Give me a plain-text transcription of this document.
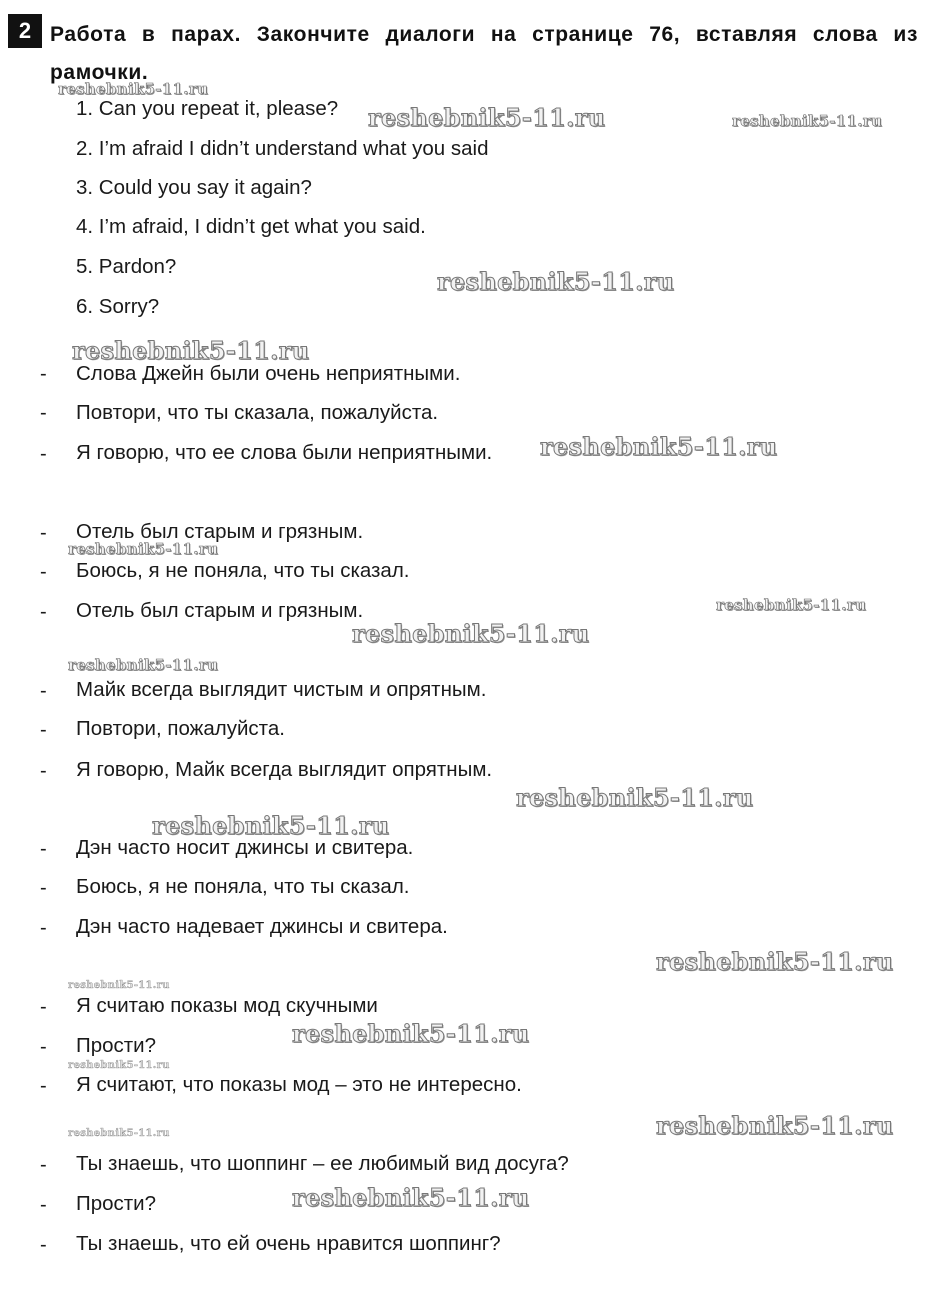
2 Работа в парах. Закончите диалоги на странице 76, вставляя слова из рамочки.
1. Can you repeat it, please?
2. I’m afraid I didn’t understand what you said
3. Could you say it again?
4. I’m afraid, I didn’t get what you said.
5. Pardon?
6. Sorry?
- Слова Джейн были очень неприятными.
- Повтори, что ты сказала, пожалуйста.
- Я говорю, что ее слова были неприятными.
- Отель был старым и грязным.
- Боюсь, я не поняла, что ты сказал.
- Отель был старым и грязным.
- Майк всегда выглядит чистым и опрятным.
- Повтори, пожалуйста.
- Я говорю, Майк всегда выглядит опрятным.
- Дэн часто носит джинсы и свитера.
- Боюсь, я не поняла, что ты сказал.
- Дэн часто надевает джинсы и свитера.
- Я считаю показы мод скучными
- Прости?
- Я считают, что показы мод – это не интересно.
- Ты знаешь, что шоппинг – ее любимый вид досуга?
- Прости?
- Ты знаешь, что ей очень нравится шоппинг?
reshebnik5-11.ru
reshebnik5-11.ru	reshebnik5-11.ru
reshebnik5-11.ru
reshebnik5-11.ru
reshebnik5-11.ru
reshebnik5-11.ru
reshebnik5-11.ru
reshebnik5-11.ru
reshebnik5-11.ru
reshebnik5-11.ru
reshebnik5-11.ru
reshebnik5-11.ru
reshebnik5-11.ru
reshebnik5-11.ru
reshebnik5-11.ru
reshebnik5-11.ru
reshebnik5-11.ru
reshebnik5-11.ru
